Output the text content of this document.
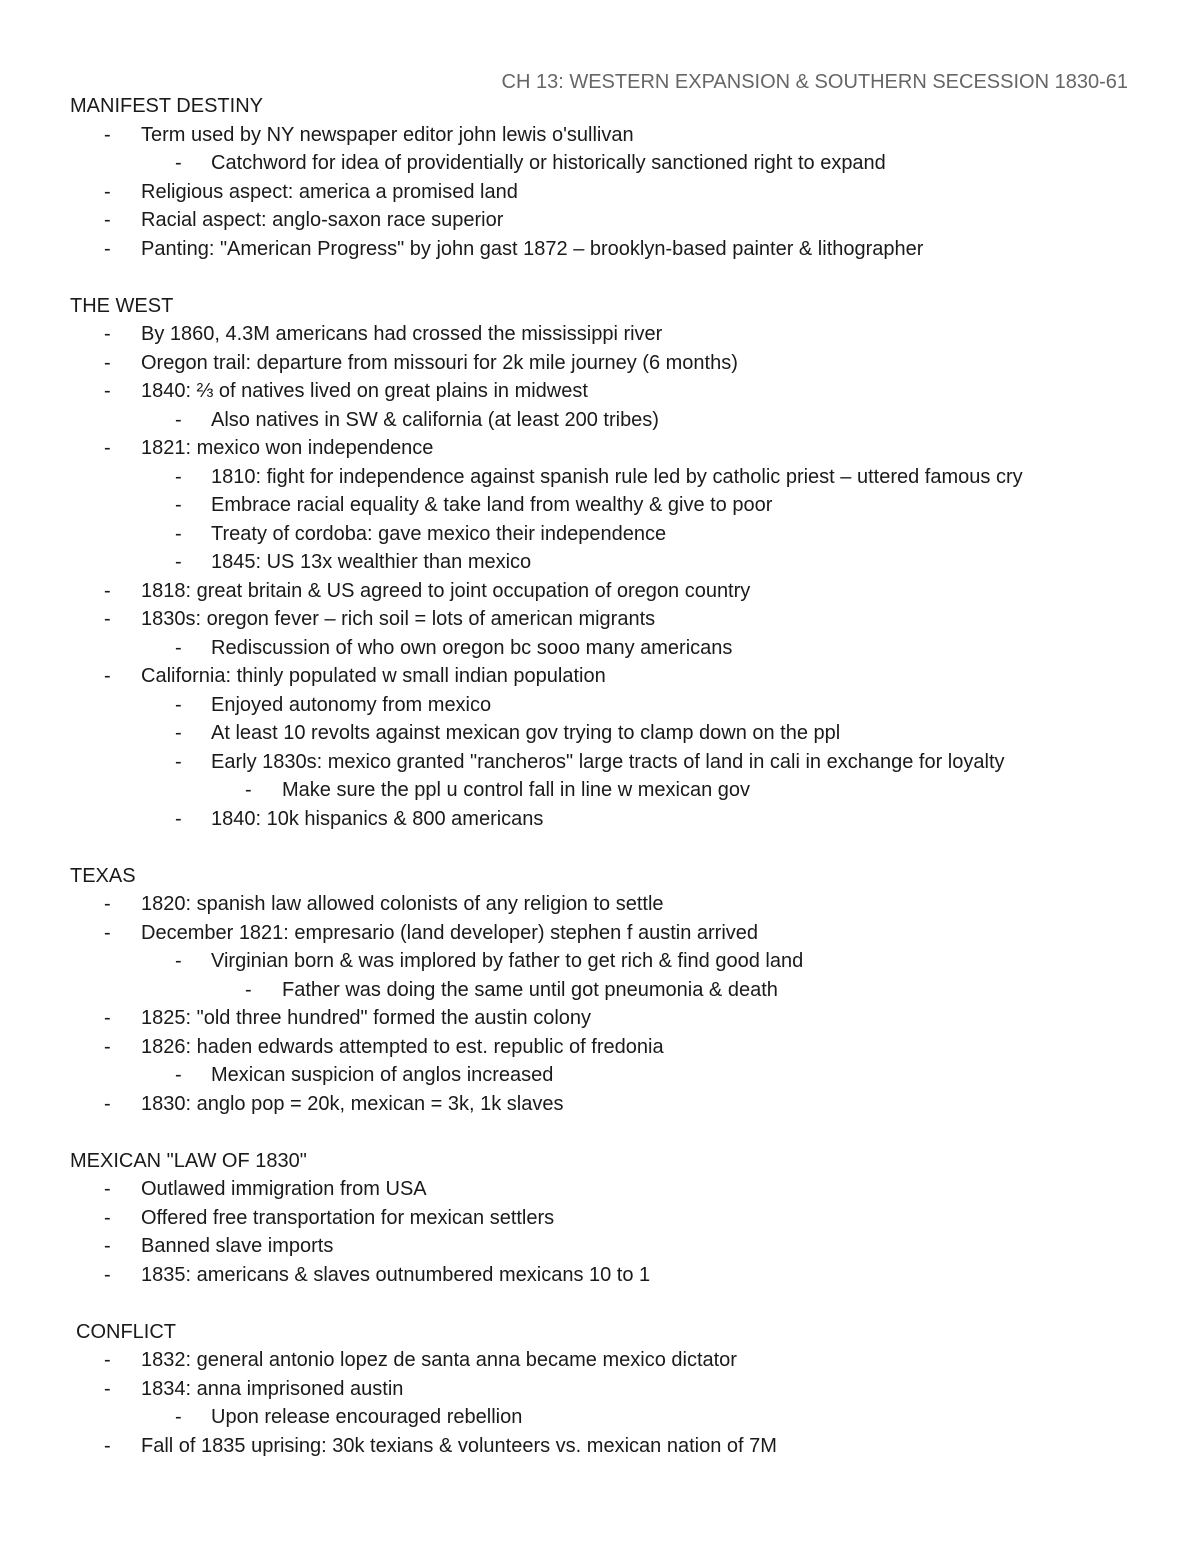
CH 13: WESTERN EXPANSION & SOUTHERN SECESSION 1830-61
MANIFEST DESTINY
- Term used by NY newspaper editor john lewis o'sullivan
- Catchword for idea of providentially or historically sanctioned right to expand
- Religious aspect: america a promised land
- Racial aspect: anglo-saxon race superior
- Panting: "American Progress" by john gast 1872 – brooklyn-based painter & lithographer
THE WEST
- By 1860, 4.3M americans had crossed the mississippi river
- Oregon trail: departure from missouri for 2k mile journey (6 months)
- 1840: ⅔ of natives lived on great plains in midwest
- Also natives in SW & california (at least 200 tribes)
- 1821: mexico won independence
- 1810: fight for independence against spanish rule led by catholic priest – uttered famous cry
- Embrace racial equality & take land from wealthy & give to poor
- Treaty of cordoba: gave mexico their independence
- 1845: US 13x wealthier than mexico
- 1818: great britain & US agreed to joint occupation of oregon country
- 1830s: oregon fever – rich soil = lots of american migrants
- Rediscussion of who own oregon bc sooo many americans
- California: thinly populated w small indian population
- Enjoyed autonomy from mexico
- At least 10 revolts against mexican gov trying to clamp down on the ppl
- Early 1830s: mexico granted "rancheros" large tracts of land in cali in exchange for loyalty
- Make sure the ppl u control fall in line w mexican gov
- 1840: 10k hispanics & 800 americans
TEXAS
- 1820: spanish law allowed colonists of any religion to settle
- December 1821: empresario (land developer) stephen f austin arrived
- Virginian born & was implored by father to get rich & find good land
- Father was doing the same until got pneumonia & death
- 1825: "old three hundred" formed the austin colony
- 1826: haden edwards attempted to est. republic of fredonia
- Mexican suspicion of anglos increased
- 1830: anglo pop = 20k, mexican = 3k, 1k slaves
MEXICAN "LAW OF 1830"
- Outlawed immigration from USA
- Offered free transportation for mexican settlers
- Banned slave imports
- 1835: americans & slaves outnumbered mexicans 10 to 1
CONFLICT
- 1832: general antonio lopez de santa anna became mexico dictator
- 1834: anna imprisoned austin
- Upon release encouraged rebellion
- Fall of 1835 uprising: 30k texians & volunteers vs. mexican nation of 7M
